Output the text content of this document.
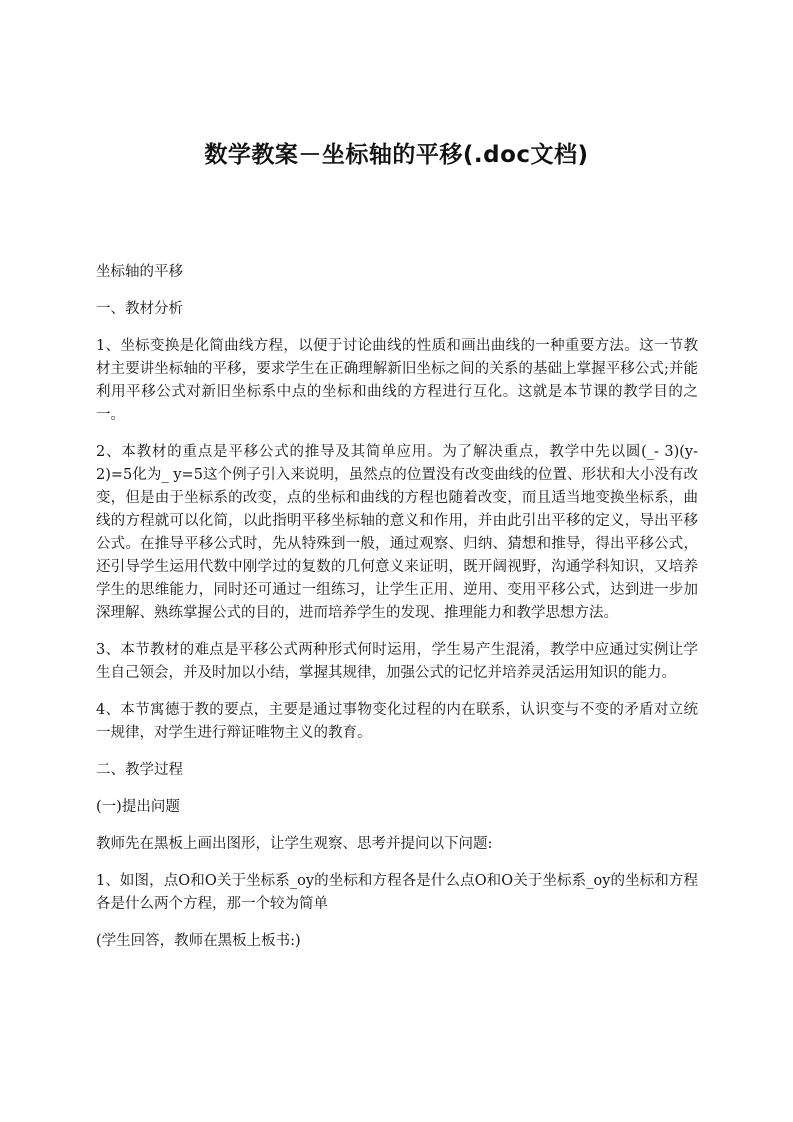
数学教案－坐标轴的平移(.doc文档)

坐标轴的平移

一、教材分析

1、坐标变换是化简曲线方程，以便于讨论曲线的性质和画出曲线的一种重要方法。这一节教材主要讲坐标轴的平移，要求学生在正确理解新旧坐标之间的关系的基础上掌握平移公式;并能利用平移公式对新旧坐标系中点的坐标和曲线的方程进行互化。这就是本节课的教学目的之一。

2、本教材的重点是平移公式的推导及其简单应用。为了解决重点，教学中先以圆(_- 3)(y-2)=5化为_ y=5这个例子引入来说明，虽然点的位置没有改变曲线的位置、形状和大小没有改变，但是由于坐标系的改变，点的坐标和曲线的方程也随着改变，而且适当地变换坐标系，曲线的方程就可以化简，以此指明平移坐标轴的意义和作用，并由此引出平移的定义，导出平移公式。在推导平移公式时，先从特殊到一般，通过观察、归纳、猜想和推导，得出平移公式，还引导学生运用代数中刚学过的复数的几何意义来证明，既开阔视野，沟通学科知识，又培养学生的思维能力，同时还可通过一组练习，让学生正用、逆用、变用平移公式，达到进一步加深理解、熟练掌握公式的目的，进而培养学生的发现、推理能力和教学思想方法。

3、本节教材的难点是平移公式两种形式何时运用，学生易产生混淆，教学中应通过实例让学生自己领会，并及时加以小结，掌握其规律，加强公式的记忆并培养灵活运用知识的能力。

4、本节寓德于教的要点，主要是通过事物变化过程的内在联系，认识变与不变的矛盾对立统一规律，对学生进行辩证唯物主义的教育。

二、教学过程

(一)提出问题

教师先在黑板上画出图形，让学生观察、思考并提问以下问题:

1、如图，点O和O关于坐标系_oy的坐标和方程各是什么点O和O关于坐标系_oy的坐标和方程各是什么两个方程，那一个较为简单

(学生回答，教师在黑板上板书:)
